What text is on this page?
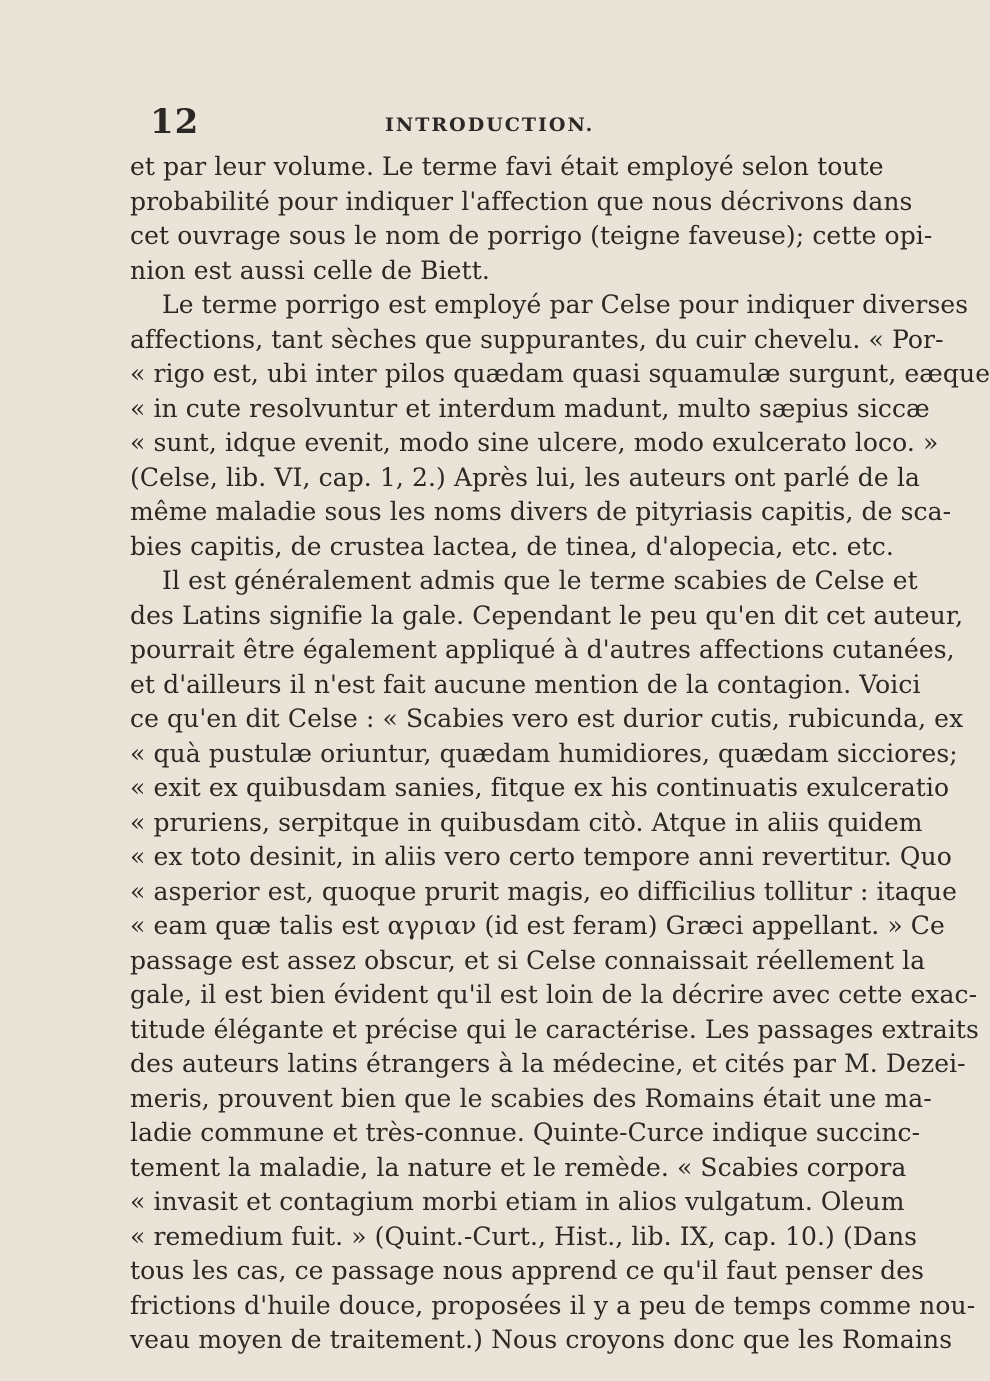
12	INTRODUCTION.
et par leur volume. Le terme favi était employé selon toute
probabilité pour indiquer l'affection que nous décrivons dans
cet ouvrage sous le nom de porrigo (teigne faveuse); cette opi-
nion est aussi celle de Biett.
Le terme porrigo est employé par Celse pour indiquer diverses
affections, tant sèches que suppurantes, du cuir chevelu. « Por-
« rigo est, ubi inter pilos quædam quasi squamulæ surgunt, eæque
« in cute resolvuntur et interdum madunt, multo sæpius siccæ
« sunt, idque evenit, modo sine ulcere, modo exulcerato loco. »
(Celse, lib. VI, cap. 1, 2.) Après lui, les auteurs ont parlé de la
même maladie sous les noms divers de pityriasis capitis, de sca-
bies capitis, de crustea lactea, de tinea, d'alopecia, etc. etc.
Il est généralement admis que le terme scabies de Celse et
des Latins signifie la gale. Cependant le peu qu'en dit cet auteur,
pourrait être également appliqué à d'autres affections cutanées,
et d'ailleurs il n'est fait aucune mention de la contagion. Voici
ce qu'en dit Celse : « Scabies vero est durior cutis, rubicunda, ex
« quà pustulæ oriuntur, quædam humidiores, quædam sicciores;
« exit ex quibusdam sanies, fitque ex his continuatis exulceratio
« pruriens, serpitque in quibusdam citò. Atque in aliis quidem
« ex toto desinit, in aliis vero certo tempore anni revertitur. Quo
« asperior est, quoque prurit magis, eo difficilius tollitur : itaque
« eam quæ talis est αγριαν (id est feram) Græci appellant. » Ce
passage est assez obscur, et si Celse connaissait réellement la
gale, il est bien évident qu'il est loin de la décrire avec cette exac-
titude élégante et précise qui le caractérise. Les passages extraits
des auteurs latins étrangers à la médecine, et cités par M. Dezei-
meris, prouvent bien que le scabies des Romains était une ma-
ladie commune et très-connue. Quinte-Curce indique succinc-
tement la maladie, la nature et le remède. « Scabies corpora
« invasit et contagium morbi etiam in alios vulgatum. Oleum
« remedium fuit. » (Quint.-Curt., Hist., lib. IX, cap. 10.) (Dans
tous les cas, ce passage nous apprend ce qu'il faut penser des
frictions d'huile douce, proposées il y a peu de temps comme nou-
veau moyen de traitement.) Nous croyons donc que les Romains
